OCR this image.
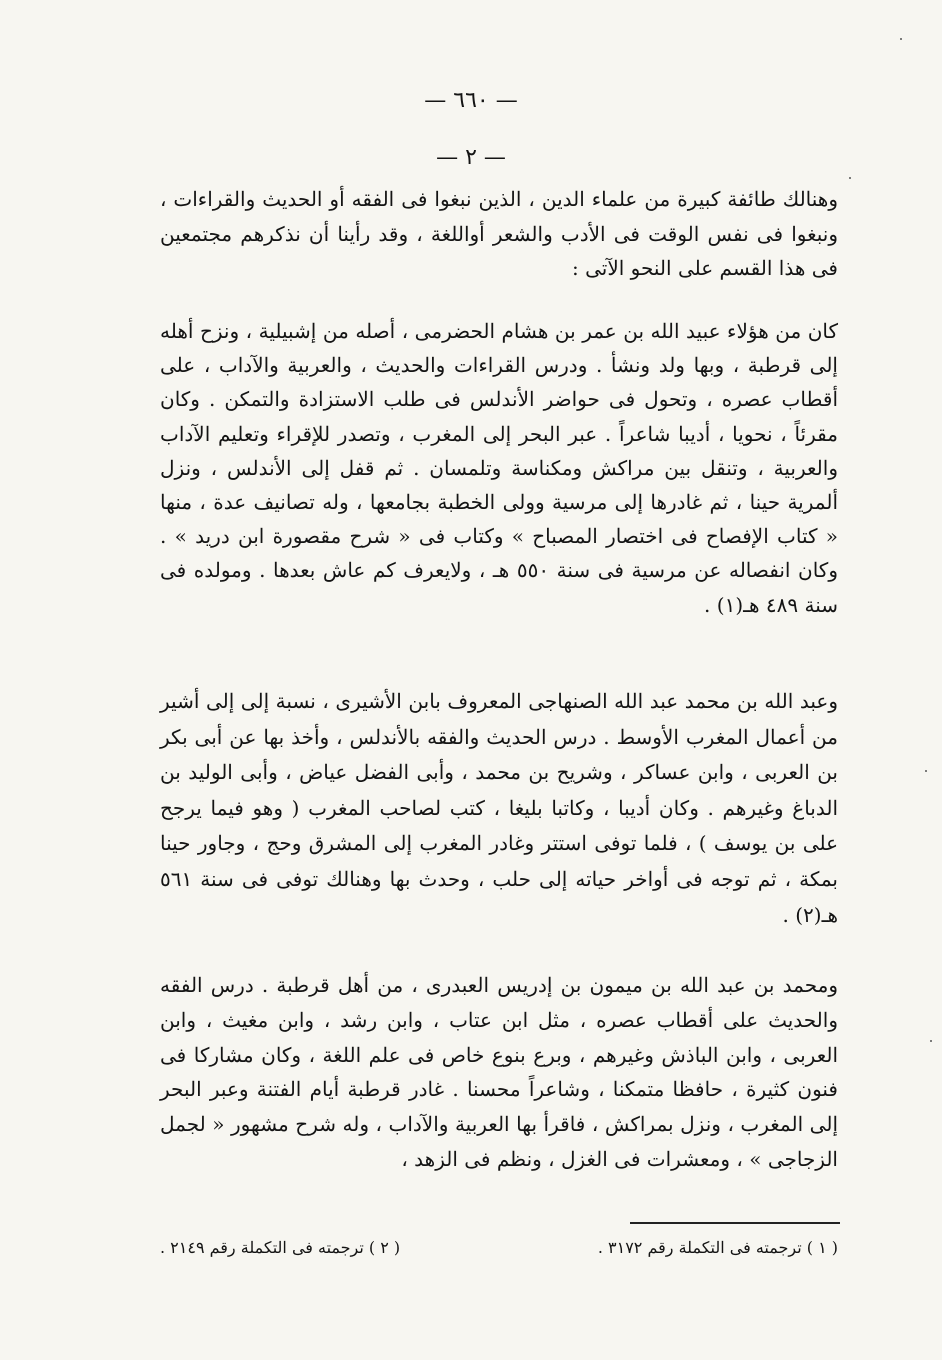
— ٦٦٠ —
— ٢ —

وهنالك طائفة كبيرة من علماء الدين ، الذين نبغوا فى الفقه أو الحديث والقراءات ، ونبغوا فى نفس الوقت فى الأدب والشعر أواللغة ، وقد رأينا أن نذكرهم مجتمعين فى هذا القسم على النحو الآتى :

كان من هؤلاء عبيد الله بن عمر بن هشام الحضرمى ، أصله من إشبيلية ، ونزح أهله إلى قرطبة ، وبها ولد ونشأ . ودرس القراءات والحديث ، والعربية والآداب ، على أقطاب عصره ، وتحول فى حواضر الأندلس فى طلب الاستزادة والتمكن . وكان مقرئاً ، نحويا ، أديبا شاعراً . عبر البحر إلى المغرب ، وتصدر للإقراء وتعليم الآداب والعربية ، وتنقل بين مراكش ومكناسة وتلمسان . ثم قفل إلى الأندلس ، ونزل ألمرية حينا ، ثم غادرها إلى مرسية وولى الخطبة بجامعها ، وله تصانيف عدة ، منها « كتاب الإفصاح فى اختصار المصباح » وكتاب فى « شرح مقصورة ابن دريد » . وكان انفصاله عن مرسية فى سنة ٥٥٠ هـ ، ولايعرف كم عاش بعدها . ومولده فى سنة ٤٨٩ هـ(١) .

وعبد الله بن محمد عبد الله الصنهاجى المعروف بابن الأشيرى ، نسبة إلى إلى أشير من أعمال المغرب الأوسط . درس الحديث والفقه بالأندلس ، وأخذ بها عن أبى بكر بن العربى ، وابن عساكر ، وشريح بن محمد ، وأبى الفضل عياض ، وأبى الوليد بن الدباغ وغيرهم . وكان أديبا ، وكاتبا بليغا ، كتب لصاحب المغرب ( وهو فيما يرجح على بن يوسف ) ، فلما توفى استتر وغادر المغرب إلى المشرق وحج ، وجاور حينا بمكة ، ثم توجه فى أواخر حياته إلى حلب ، وحدث بها وهنالك توفى فى سنة ٥٦١ هـ(٢) .

ومحمد بن عبد الله بن ميمون بن إدريس العبدرى ، من أهل قرطبة . درس الفقه والحديث على أقطاب عصره ، مثل ابن عتاب ، وابن رشد ، وابن مغيث ، وابن العربى ، وابن الباذش وغيرهم ، وبرع بنوع خاص فى علم اللغة ، وكان مشاركا فى فنون كثيرة ، حافظا متمكنا ، وشاعراً محسنا . غادر قرطبة أيام الفتنة وعبر البحر إلى المغرب ، ونزل بمراكش ، فاقرأ بها العربية والآداب ، وله شرح مشهور « لجمل الزجاجى » ، ومعشرات فى الغزل ، ونظم فى الزهد ،

( ١ ) ترجمته فى التكملة رقم ٣١٧٢ .
( ٢ ) ترجمته فى التكملة رقم ٢١٤٩ .
